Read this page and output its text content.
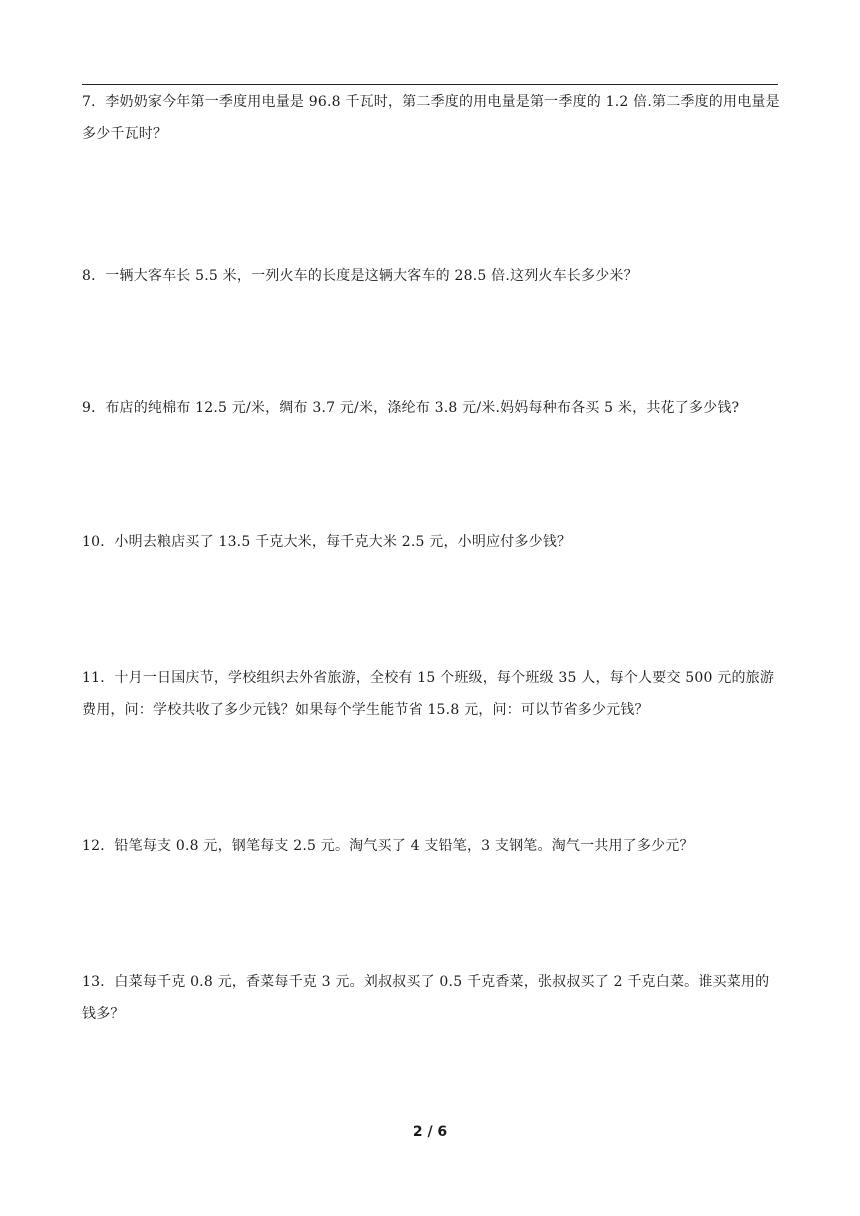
7．李奶奶家今年第一季度用电量是 96.8 千瓦时，第二季度的用电量是第一季度的 1.2 倍.第二季度的用电量是多少千瓦时？

8．一辆大客车长 5.5 米，一列火车的长度是这辆大客车的 28.5 倍.这列火车长多少米？

9．布店的纯棉布 12.5 元/米，绸布 3.7 元/米，涤纶布 3.8 元/米.妈妈每种布各买 5 米，共花了多少钱?

10．小明去粮店买了 13.5 千克大米，每千克大米 2.5 元，小明应付多少钱？

11．十月一日国庆节，学校组织去外省旅游，全校有 15 个班级，每个班级 35 人，每个人要交 500 元的旅游费用，问：学校共收了多少元钱？如果每个学生能节省 15.8 元，问：可以节省多少元钱？

12．铅笔每支 0.8 元，钢笔每支 2.5 元。淘气买了 4 支铅笔，3 支钢笔。淘气一共用了多少元？

13．白菜每千克 0.8 元，香菜每千克 3 元。刘叔叔买了 0.5 千克香菜，张叔叔买了 2 千克白菜。谁买菜用的钱多？

2 / 6
